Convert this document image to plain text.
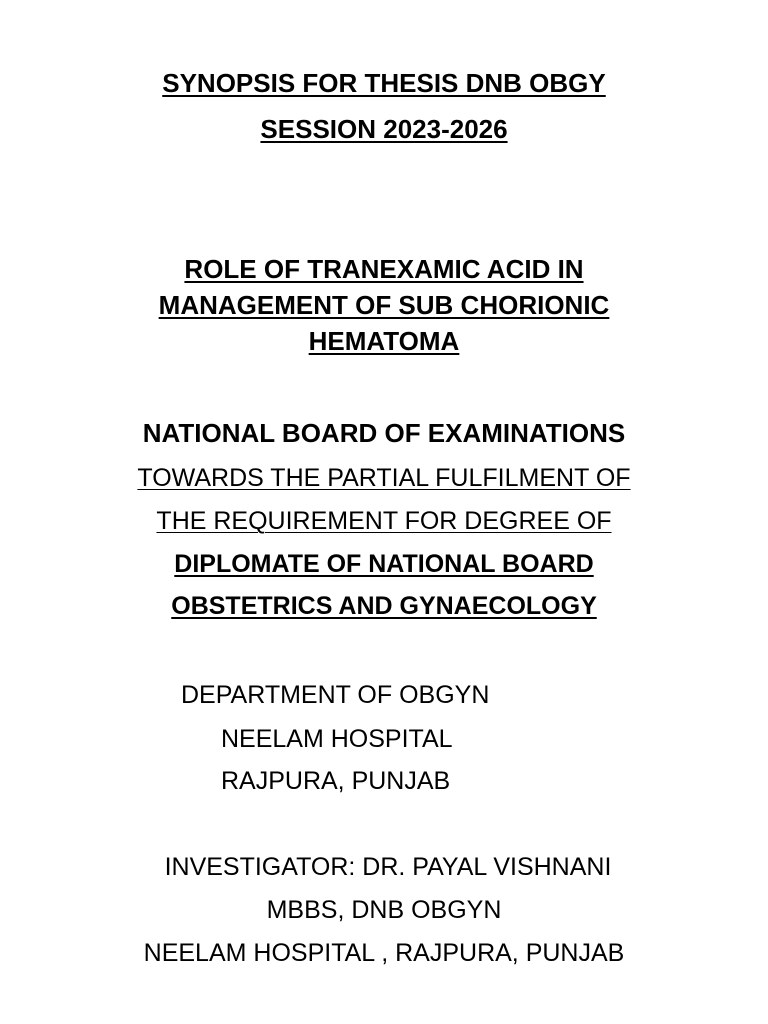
SYNOPSIS FOR THESIS DNB OBGY
SESSION 2023-2026
ROLE OF TRANEXAMIC ACID IN
MANAGEMENT OF SUB CHORIONIC
HEMATOMA
NATIONAL BOARD OF EXAMINATIONS
TOWARDS THE PARTIAL FULFILMENT OF
THE REQUIREMENT FOR DEGREE OF
DIPLOMATE OF NATIONAL BOARD
OBSTETRICS AND GYNAECOLOGY
DEPARTMENT OF OBGYN
NEELAM HOSPITAL
RAJPURA, PUNJAB
INVESTIGATOR: DR. PAYAL VISHNANI
MBBS, DNB OBGYN
NEELAM HOSPITAL , RAJPURA, PUNJAB
